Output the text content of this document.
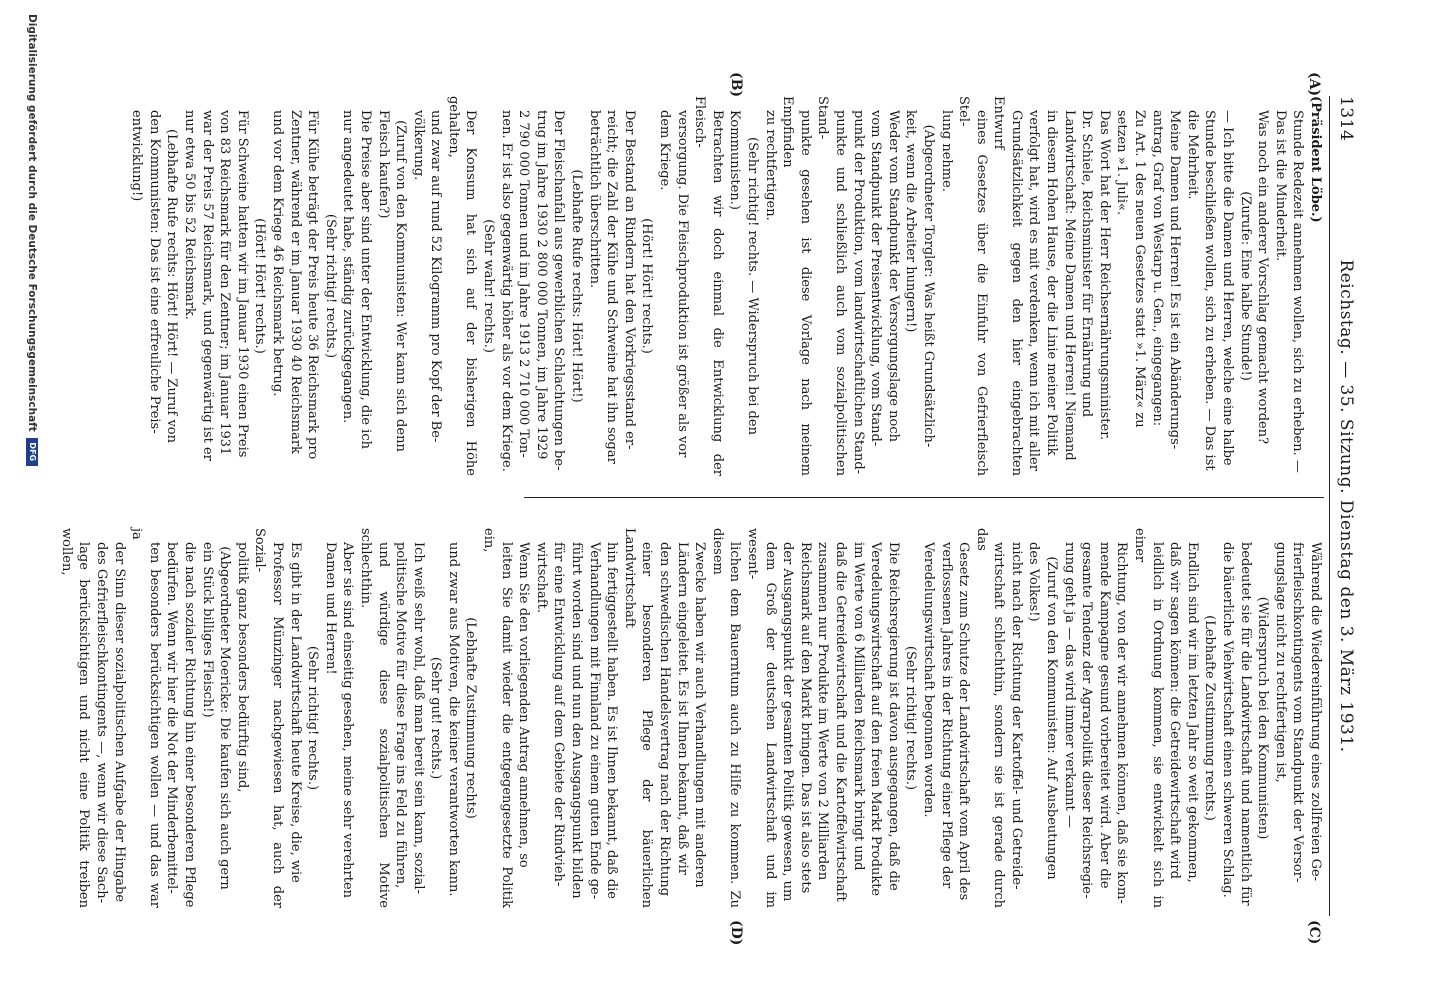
1314
Reichstag. — 35. Sitzung. Dienstag den 3. März 1931.
(A)
(B)
(C)
(D)

(Präsident Löbe.)

Stunde Redezeit annehmen wollen, sich zu erheben. —

Das ist die Minderheit.

Was noch ein anderer Vorschlag gemacht worden?

(Zurufe: Eine halbe Stunde!)

— Ich bitte die Damen und Herren, welche eine halbe

Stunde beschließen wollen, sich zu erheben. — Das ist

die Mehrheit.

Meine Damen und Herren! Es ist ein Abänderungs-

antrag, Graf von Westarp u. Gen., eingegangen:

Zu Art. 1 des neuen Gesetzes statt »1. März« zu

setzen »1. Juli«.

Das Wort hat der Herr Reichsernährungsminister.

Dr. Schiele, Reichsminister für Ernährung und

Landwirtschaft: Meine Damen und Herren! Niemand

in diesem Hohen Hause, der die Linie meiner Politik

verfolgt hat, wird es mit verdenken, wenn ich mit aller

Grundsätzlichkeit gegen den hier eingebrachten Entwurf

eines Gesetzes über die Einfuhr von Gefrierfleisch Stel-

lung nehme.

(Abgeordneter Torgler: Was heißt Grundsätzlich-

keit, wenn die Arbeiter hungern!)

Weder vom Standpunkt der Versorgungslage noch

vom Standpunkt der Preisentwicklung, vom Stand-

punkt der Produktion, vom landwirtschaftlichen Stand-

punkte und schließlich auch vom sozialpolitischen Stand-

punkte gesehen ist diese Vorlage nach meinem Empfinden

zu rechtfertigen.

(Sehr richtig! rechts. — Widerspruch bei den

Kommunisten.)

Betrachten wir doch einmal die Entwicklung der Fleisch-

versorgung. Die Fleischproduktion ist größer als vor

dem Kriege.

(Hört! Hört! rechts.)

Der Bestand an Rindern hat den Vorkriegsstand er-

reicht; die Zahl der Kühe und Schweine hat ihn sogar

beträchtlich überschritten.

(Lebhafte Rufe rechts: Hört! Hört!)

Der Fleischanfall aus gewerblichen Schlachtungen be-

trug im Jahre 1930 2 800 000 Tonnen, im Jahre 1929

2 790 000 Tonnen und im Jahre 1913 2 710 000 Ton-

nen. Er ist also gegenwärtig höher als vor dem Kriege.

(Sehr wahr! rechts.)

Der Konsum hat sich auf der bisherigen Höhe gehalten,

und zwar auf rund 52 Kilogramm pro Kopf der Be-

völkerung.

(Zuruf von den Kommunisten: Wer kann sich denn

Fleisch kaufen?)

Die Preise aber sind unter der Entwicklung, die ich

nur angedeutet habe, ständig zurückgegangen.

(Sehr richtig! rechts.)

Für Kühe beträgt der Preis heute 36 Reichsmark pro

Zentner, während er im Januar 1930 40 Reichsmark

und vor dem Kriege 46 Reichsmark betrug.

(Hört! Hört! rechts.)

Für Schweine hatten wir im Januar 1930 einen Preis

von 83 Reichsmark für den Zentner; im Januar 1931

war der Preis 57 Reichsmark, und gegenwärtig ist er

nur etwa 50 bis 52 Reichsmark.

(Lebhafte Rufe rechts: Hört! Hört! — Zuruf von

den Kommunisten: Das ist eine erfreuliche Preis-

entwicklung!)

Während die Wiedereinführung eines zollfreien Ge-

frierfleischkontingents vom Standpunkt der Versor-

gungslage nicht zu rechtfertigen ist,

(Widerspruch bei den Kommunisten)

bedeutet sie für die Landwirtschaft und namentlich für

die bäuerliche Viehwirtschaft einen schweren Schlag.

(Lebhafte Zustimmung rechts.)

Endlich sind wir im letzten Jahr so weit gekommen,

daß wir sagen können: die Getreidewirtschaft wird

leidlich in Ordnung kommen, sie entwickelt sich in einer

Richtung, von der wir annehmen können, daß sie kom-

mende Kampagne gesund vorbereitet wird. Aber die

gesamte Tendenz der Agrarpolitik dieser Reichsregie-

rung geht ja — das wird immer verkannt —

(Zuruf von den Kommunisten: Auf Ausbeutungen

des Volkes!)

nicht nach der Richtung der Kartoffel- und Getreide-

wirtschaft schlechthin, sondern sie ist gerade durch das

Gesetz zum Schutze der Landwirtschaft vom April des

verflossenen Jahres in der Richtung einer Pflege der

Veredelungswirtschaft begonnen worden.

(Sehr richtig! rechts.)

Die Reichsregierung ist davon ausgegangen, daß die

Veredelungswirtschaft auf den freien Markt Produkte

im Werte von 6 Milliarden Reichsmark bringt und

daß die Getreidewirtschaft und die Kartoffelwirtschaft

zusammen nur Produkte im Werte von 2 Milliarden

Reichsmark auf den Markt bringen. Das ist also stets

der Ausgangspunkt der gesamten Politik gewesen, um

dem Groß der deutschen Landwirtschaft und im wesent-

lichen dem Bauerntum auch zu Hilfe zu kommen. Zu diesem

Zwecke haben wir auch Verhandlungen mit anderen

Ländern eingeleitet. Es ist Ihnen bekannt, daß wir

den schwedischen Handelsvertrag nach der Richtung

einer besonderen Pflege der bäuerlichen Landwirtschaft

hin fertiggestellt haben. Es ist Ihnen bekannt, daß die

Verhandlungen mit Finnland zu einem guten Ende ge-

führt worden sind und nun den Ausgangspunkt bilden

für eine Entwicklung auf dem Gebiete der Rindvieh-

wirtschaft.

Wenn Sie den vorliegenden Antrag annehmen, so

leiten Sie damit wieder die entgegengesetzte Politik ein,

(Lebhafte Zustimmung rechts)

und zwar aus Motiven, die keiner verantworten kann.

(Sehr gut! rechts.)

Ich weiß sehr wohl, daß man bereit sein kann, sozial-

politische Motive für diese Frage ins Feld zu führen,

und würdige diese sozialpolitischen Motive schlechthin.

Aber sie sind einseitig gesehen, meine sehr verehrten

Damen und Herren!

(Sehr richtig! rechts.)

Es gibt in der Landwirtschaft heute Kreise, die, wie

Professor Münzinger nachgewiesen hat, auch der Sozial-

politik ganz besonders bedürftig sind,

(Abgeordneter Moericke: Die kaufen sich auch gern

ein Stück billiges Fleisch!)

die nach sozialer Richtung hin einer besonderen Pflege

bedürfen. Wenn wir hier die Not der Minderbemittel-

ten besonders berücksichtigen wollen — und das war ja

der Sinn dieser sozialpolitischen Aufgabe der Hingabe

des Gefrierfleischkontingents —, wenn wir diese Sach-

lage berücksichtigen und nicht eine Politik treiben wollen,

Digitalisierung gefördert durch die Deutsche Forschungsgemeinschaft
DFG
